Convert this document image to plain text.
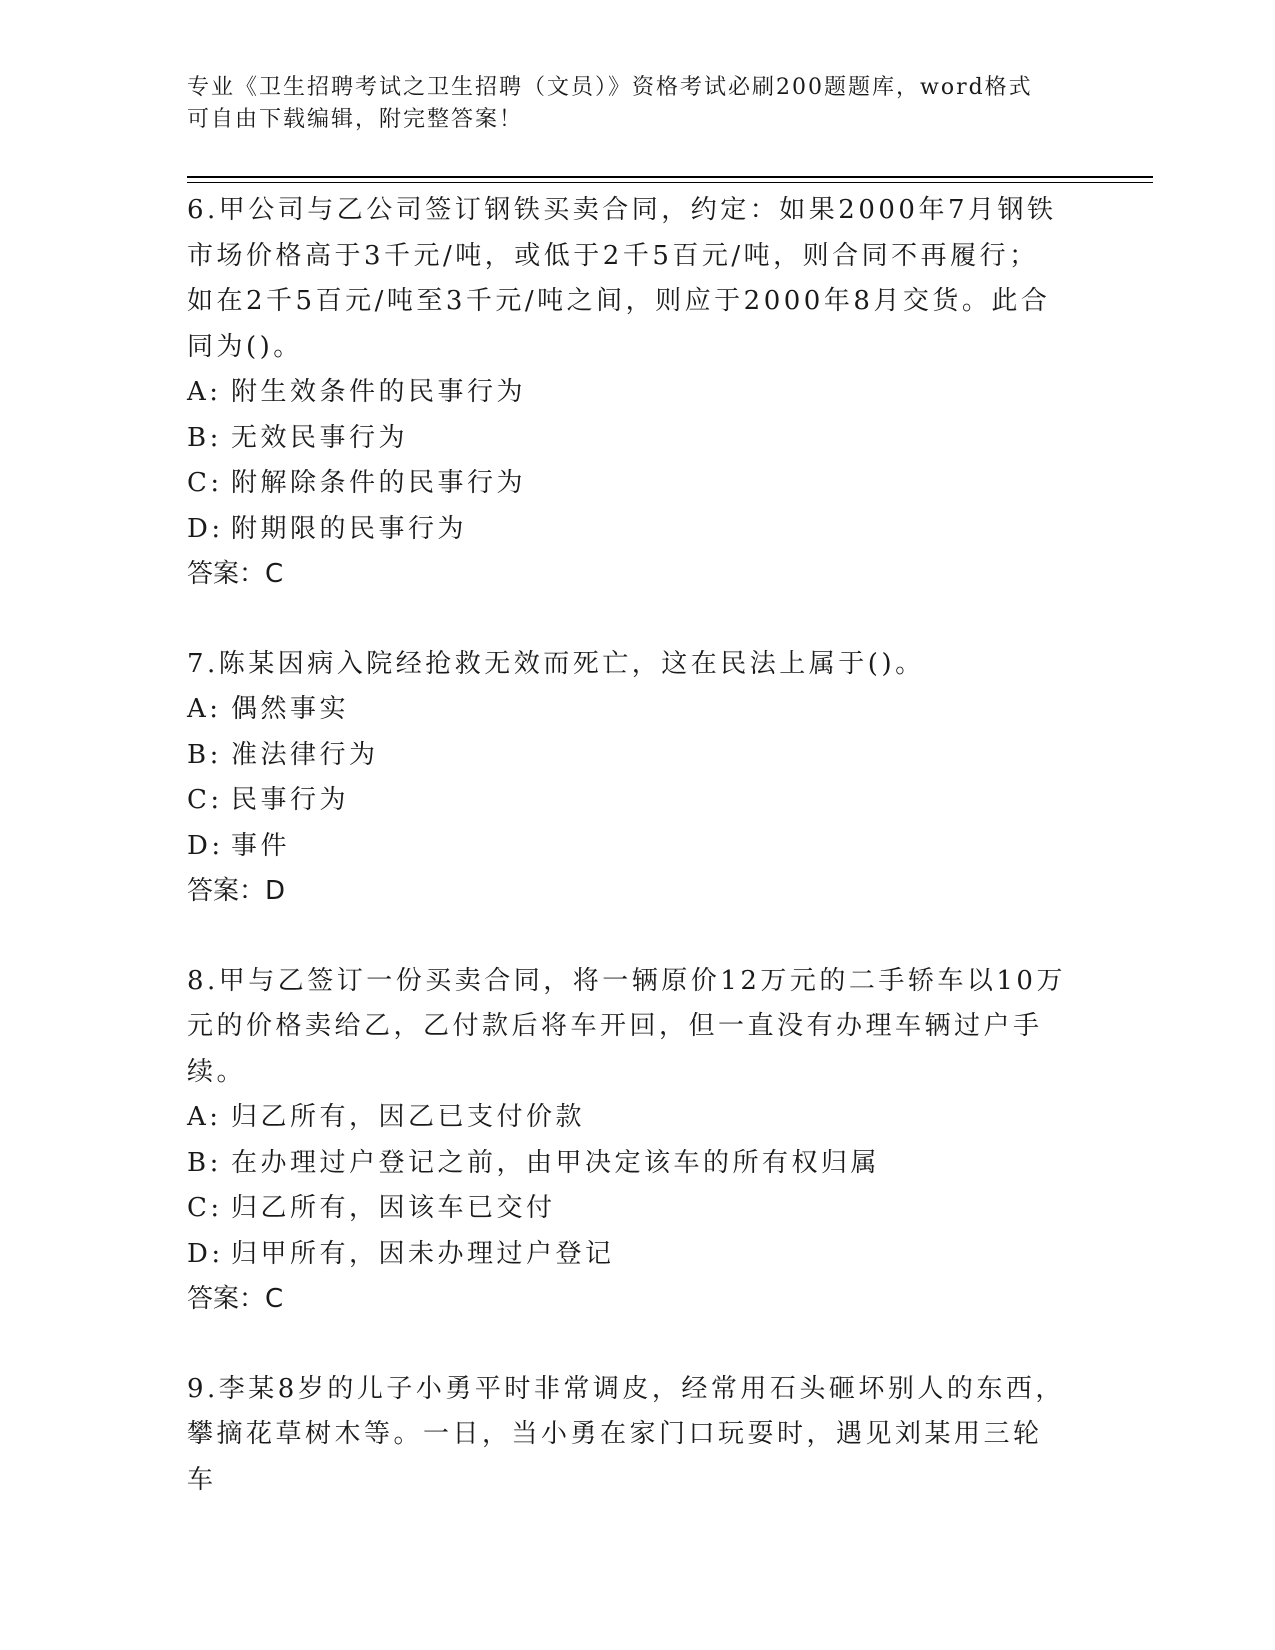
专业《卫生招聘考试之卫生招聘（文员）》资格考试必刷200题题库，word格式
可自由下载编辑，附完整答案！

6.甲公司与乙公司签订钢铁买卖合同，约定：如果2000年7月钢铁市场价格高于3千元/吨，或低于2千5百元/吨，则合同不再履行；如在2千5百元/吨至3千元/吨之间，则应于2000年8月交货。此合同为()。

A: 附生效条件的民事行为

B: 无效民事行为

C: 附解除条件的民事行为

D: 附期限的民事行为

答案：C

7.陈某因病入院经抢救无效而死亡，这在民法上属于()。

A: 偶然事实

B: 准法律行为

C: 民事行为

D: 事件

答案：D

8.甲与乙签订一份买卖合同，将一辆原价12万元的二手轿车以10万元的价格卖给乙，乙付款后将车开回，但一直没有办理车辆过户手续。

A: 归乙所有，因乙已支付价款

B: 在办理过户登记之前，由甲决定该车的所有权归属

C: 归乙所有，因该车已交付

D: 归甲所有，因未办理过户登记

答案：C

9.李某8岁的儿子小勇平时非常调皮，经常用石头砸坏别人的东西，攀摘花草树木等。一日，当小勇在家门口玩耍时，遇见刘某用三轮车
